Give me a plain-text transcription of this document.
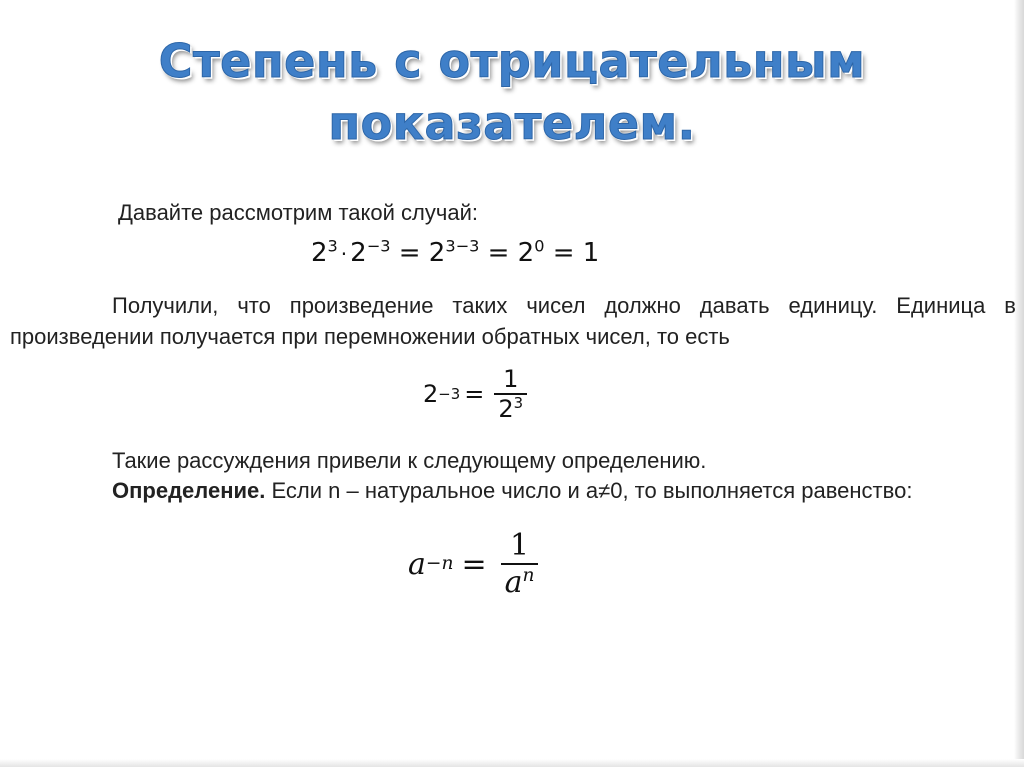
Степень с отрицательным
показателем.

Давайте рассмотрим такой случай:

$2^3 \cdot 2^{-3} = 2^{3-3} = 2^0 = 1$

Получили, что произведение таких чисел должно давать единицу. Единица в произведении получается при перемножении обратных чисел, то есть

$2 -3 = \frac{1}{2^3}$

Такие рассуждения привели к следующему определению.

Определение. Если n – натуральное число и a≠0, то выполняется равенство:

$a -n = \frac{1}{a^n}$
